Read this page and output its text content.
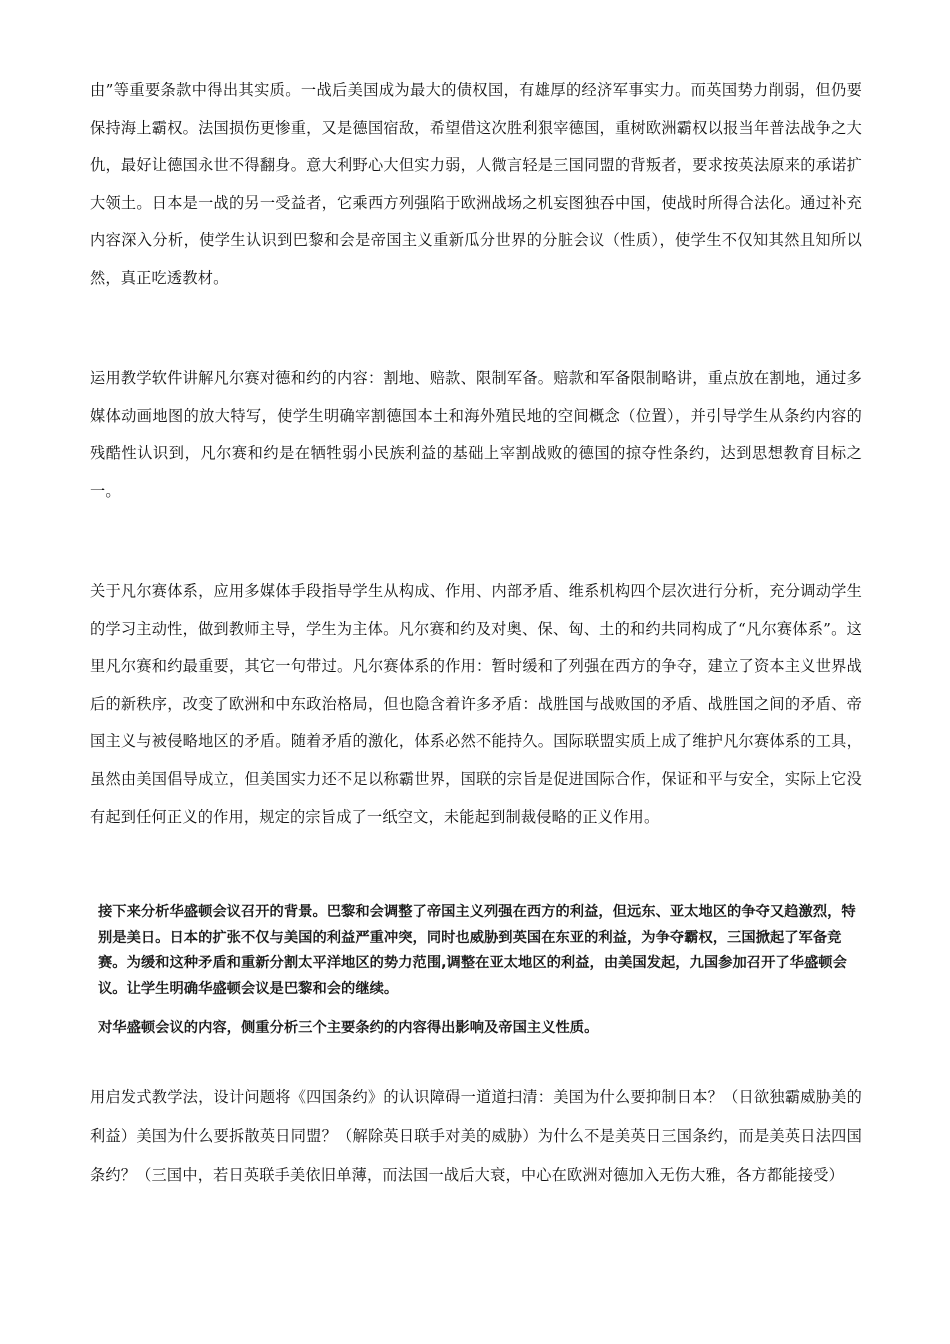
由”等重要条款中得出其实质。一战后美国成为最大的债权国，有雄厚的经济军事实力。而英国势力削弱，但仍要保持海上霸权。法国损伤更惨重，又是德国宿敌，希望借这次胜利狠宰德国，重树欧洲霸权以报当年普法战争之大仇，最好让德国永世不得翻身。意大利野心大但实力弱，人微言轻是三国同盟的背叛者，要求按英法原来的承诺扩大领土。日本是一战的另一受益者，它乘西方列强陷于欧洲战场之机妄图独吞中国，使战时所得合法化。通过补充内容深入分析，使学生认识到巴黎和会是帝国主义重新瓜分世界的分脏会议（性质），使学生不仅知其然且知所以然，真正吃透教材。

运用教学软件讲解凡尔赛对德和约的内容：割地、赔款、限制军备。赔款和军备限制略讲，重点放在割地，通过多媒体动画地图的放大特写，使学生明确宰割德国本土和海外殖民地的空间概念（位置），并引导学生从条约内容的残酷性认识到，凡尔赛和约是在牺牲弱小民族利益的基础上宰割战败的德国的掠夺性条约，达到思想教育目标之一。

关于凡尔赛体系，应用多媒体手段指导学生从构成、作用、内部矛盾、维系机构四个层次进行分析，充分调动学生的学习主动性，做到教师主导，学生为主体。凡尔赛和约及对奥、保、匈、土的和约共同构成了“凡尔赛体系”。这里凡尔赛和约最重要，其它一句带过。凡尔赛体系的作用：暂时缓和了列强在西方的争夺，建立了资本主义世界战后的新秩序，改变了欧洲和中东政治格局，但也隐含着许多矛盾：战胜国与战败国的矛盾、战胜国之间的矛盾、帝国主义与被侵略地区的矛盾。随着矛盾的激化，体系必然不能持久。国际联盟实质上成了维护凡尔赛体系的工具，虽然由美国倡导成立，但美国实力还不足以称霸世界，国联的宗旨是促进国际合作，保证和平与安全，实际上它没有起到任何正义的作用，规定的宗旨成了一纸空文，未能起到制裁侵略的正义作用。

接下来分析华盛顿会议召开的背景。巴黎和会调整了帝国主义列强在西方的利益，但远东、亚太地区的争夺又趋激烈，特别是美日。日本的扩张不仅与美国的利益严重冲突，同时也威胁到英国在东亚的利益，为争夺霸权，三国掀起了军备竞赛。为缓和这种矛盾和重新分割太平洋地区的势力范围,调整在亚太地区的利益，由美国发起，九国参加召开了华盛顿会议。让学生明确华盛顿会议是巴黎和会的继续。

对华盛顿会议的内容，侧重分析三个主要条约的内容得出影响及帝国主义性质。

用启发式教学法，设计问题将《四国条约》的认识障碍一道道扫清：美国为什么要抑制日本？（日欲独霸威胁美的利益）美国为什么要拆散英日同盟？（解除英日联手对美的威胁）为什么不是美英日三国条约，而是美英日法四国条约？（三国中，若日英联手美依旧单薄，而法国一战后大衰，中心在欧洲对德加入无伤大雅，各方都能接受）
